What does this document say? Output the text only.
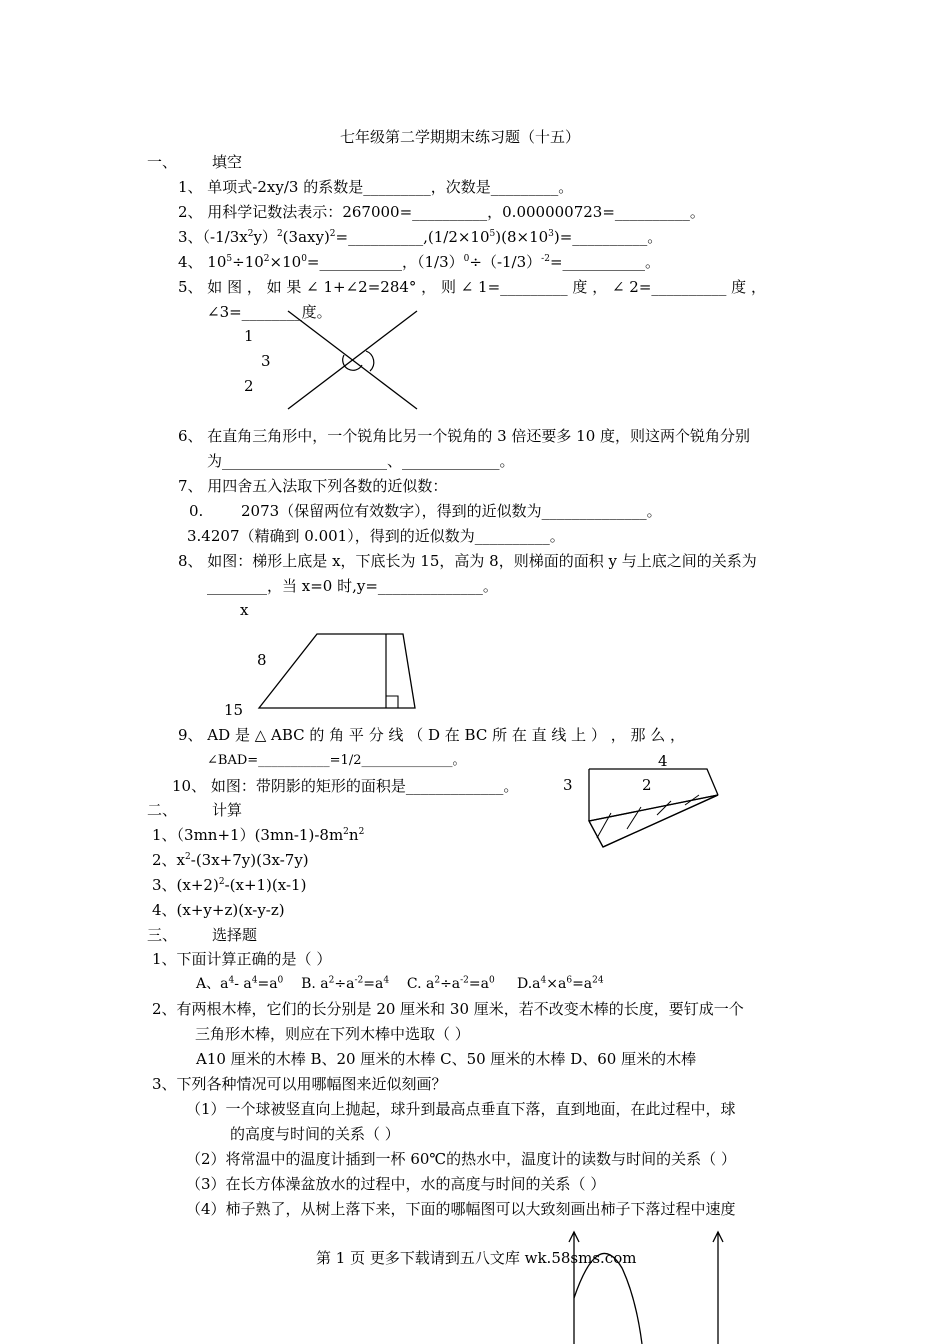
七年级第二学期期末练习题（十五）
一、 填空
1、 单项式-2xy/3 的系数是_________，次数是_________。
2、 用科学记数法表示：267000=__________，0.000000723=__________。
3、$(-1/3x^2y)^2(3axy)^2=\_\_\_\_\_\_\_\_\_\_,(1/2\times 10^5)(8\times 10^3)=\_\_\_\_\_\_\_\_\_\_$。
4、 $10^5\div 10^2\times 10^0=\_\_\_\_\_\_\_\_\_\_\_$，$(1/3)^0\div(-1/3)^{-2}=\_\_\_\_\_\_\_\_\_\_\_$。
5、 如 图 ， 如 果 ∠ 1+∠2=284° ， 则 ∠ 1=_________ 度 ， ∠ 2=__________ 度 ，
∠3=________度。
1
3
2
6、 在直角三角形中，一个锐角比另一个锐角的 3 倍还要多 10 度，则这两个锐角分别
为______________________、_____________。
7、 用四舍五入法取下列各数的近似数：
0.	2073（保留两位有效数字），得到的近似数为______________。
3.4207（精确到 0.001），得到的近似数为__________。
8、 如图：梯形上底是 x，下底长为 15，高为 8，则梯面的面积 y 与上底之间的关系为
________，当 x=0 时,y=______________。
x
8
15
9、 AD 是 △ ABC 的 角 平 分 线 （ D 在 BC 所 在 直 线 上 ） ， 那 么 ，
∠BAD=___________=1/2______________。
10、 如图：带阴影的矩形的面积是_____________。
4
3	2
二、 计算
1、$(3mn+1)(3mn-1)-8m^2n^2$
2、$x^2-(3x+7y)(3x-7y)$
3、$(x+2)^2-(x+1)(x-1)$
4、(x+y+z)(x-y-z)
三、 选择题
1、下面计算正确的是（ ）
A、$a^4-$ $a^4=a^0$ B. $a^2\div a^{-2}=a^4$ C. $a^2\div a^{-2}=a^0$ $D.a^4\times a^6=a^{24}$
2、有两根木棒，它们的长分别是 20 厘米和 30 厘米，若不改变木棒的长度，要钉成一个
三角形木棒，则应在下列木棒中选取（ ）
A10 厘米的木棒 B、20 厘米的木棒 C、50 厘米的木棒 D、60 厘米的木棒
3、下列各种情况可以用哪幅图来近似刻画？
（1）一个球被竖直向上抛起，球升到最高点垂直下落，直到地面，在此过程中，球
的高度与时间的关系（ ）
（2）将常温中的温度计插到一杯 60℃的热水中，温度计的读数与时间的关系（ ）
（3）在长方体澡盆放水的过程中，水的高度与时间的关系（ ）
（4）柿子熟了，从树上落下来，下面的哪幅图可以大致刻画出柿子下落过程中速度
第 1 页 更多下载请到五八文库 wk.58sms.com
